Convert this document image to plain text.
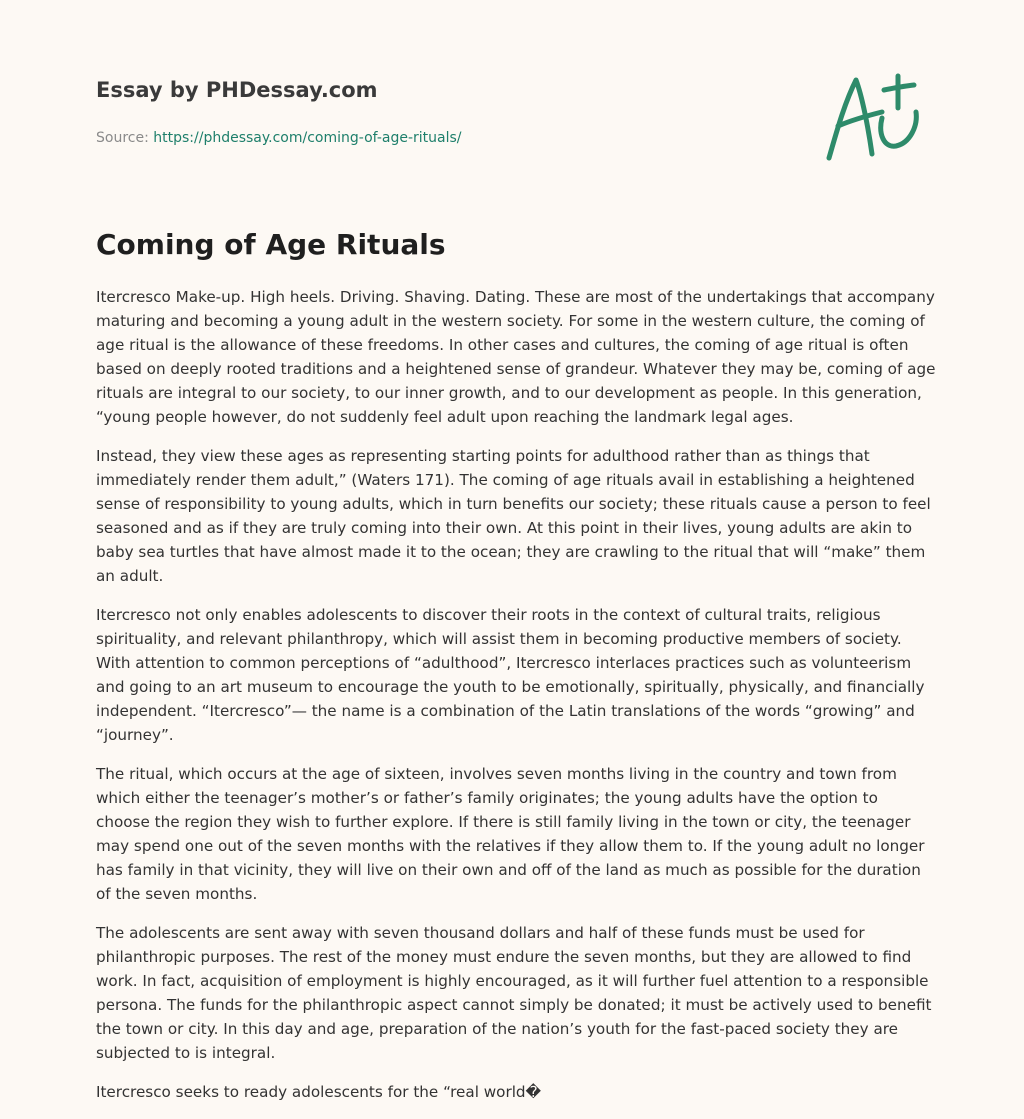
Essay by PHDessay.com
Source: https://phdessay.com/coming-of-age-rituals/
Coming of Age Rituals

Itercresco Make-up. High heels. Driving. Shaving. Dating. These are most of the undertakings that accompany maturing and becoming a young adult in the western society. For some in the western culture, the coming of age ritual is the allowance of these freedoms. In other cases and cultures, the coming of age ritual is often based on deeply rooted traditions and a heightened sense of grandeur. Whatever they may be, coming of age rituals are integral to our society, to our inner growth, and to our development as people. In this generation, “young people however, do not suddenly feel adult upon reaching the landmark legal ages.

Instead, they view these ages as representing starting points for adulthood rather than as things that immediately render them adult,” (Waters 171). The coming of age rituals avail in establishing a heightened sense of responsibility to young adults, which in turn benefits our society; these rituals cause a person to feel seasoned and as if they are truly coming into their own. At this point in their lives, young adults are akin to baby sea turtles that have almost made it to the ocean; they are crawling to the ritual that will “make” them an adult.

Itercresco not only enables adolescents to discover their roots in the context of cultural traits, religious spirituality, and relevant philanthropy, which will assist them in becoming productive members of society. With attention to common perceptions of “adulthood”, Itercresco interlaces practices such as volunteerism and going to an art museum to encourage the youth to be emotionally, spiritually, physically, and financially independent. “Itercresco”— the name is a combination of the Latin translations of the words “growing” and “journey”.

The ritual, which occurs at the age of sixteen, involves seven months living in the country and town from which either the teenager’s mother’s or father’s family originates; the young adults have the option to choose the region they wish to further explore. If there is still family living in the town or city, the teenager may spend one out of the seven months with the relatives if they allow them to. If the young adult no longer has family in that vicinity, they will live on their own and off of the land as much as possible for the duration of the seven months.

The adolescents are sent away with seven thousand dollars and half of these funds must be used for philanthropic purposes. The rest of the money must endure the seven months, but they are allowed to find work. In fact, acquisition of employment is highly encouraged, as it will further fuel attention to a responsible persona. The funds for the philanthropic aspect cannot simply be donated; it must be actively used to benefit the town or city. In this day and age, preparation of the nation’s youth for the fast-paced society they are subjected to is integral.

Itercresco seeks to ready adolescents for the “real world�
